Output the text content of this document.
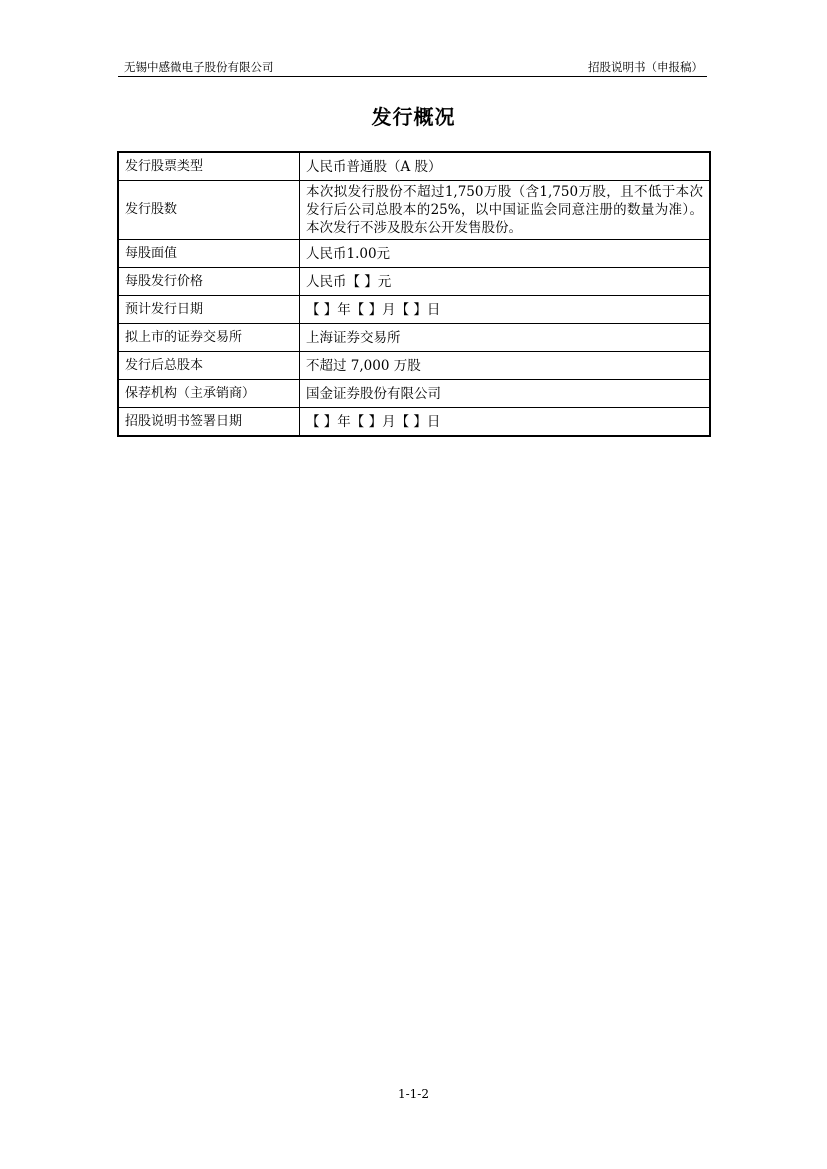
无锡中感微电子股份有限公司	招股说明书（申报稿）
发行概况
发行股票类型	人民币普通股（A 股）
发行股数	本次拟发行股份不超过1,750万股（含1,750万股，且不低于本次发行后公司总股本的25%，以中国证监会同意注册的数量为准）。本次发行不涉及股东公开发售股份。
每股面值	人民币1.00元
每股发行价格	人民币【 】元
预计发行日期	【 】年【 】月【 】日
拟上市的证券交易所	上海证券交易所
发行后总股本	不超过 7,000 万股
保荐机构（主承销商）	国金证券股份有限公司
招股说明书签署日期	【 】年【 】月【 】日
1-1-2
